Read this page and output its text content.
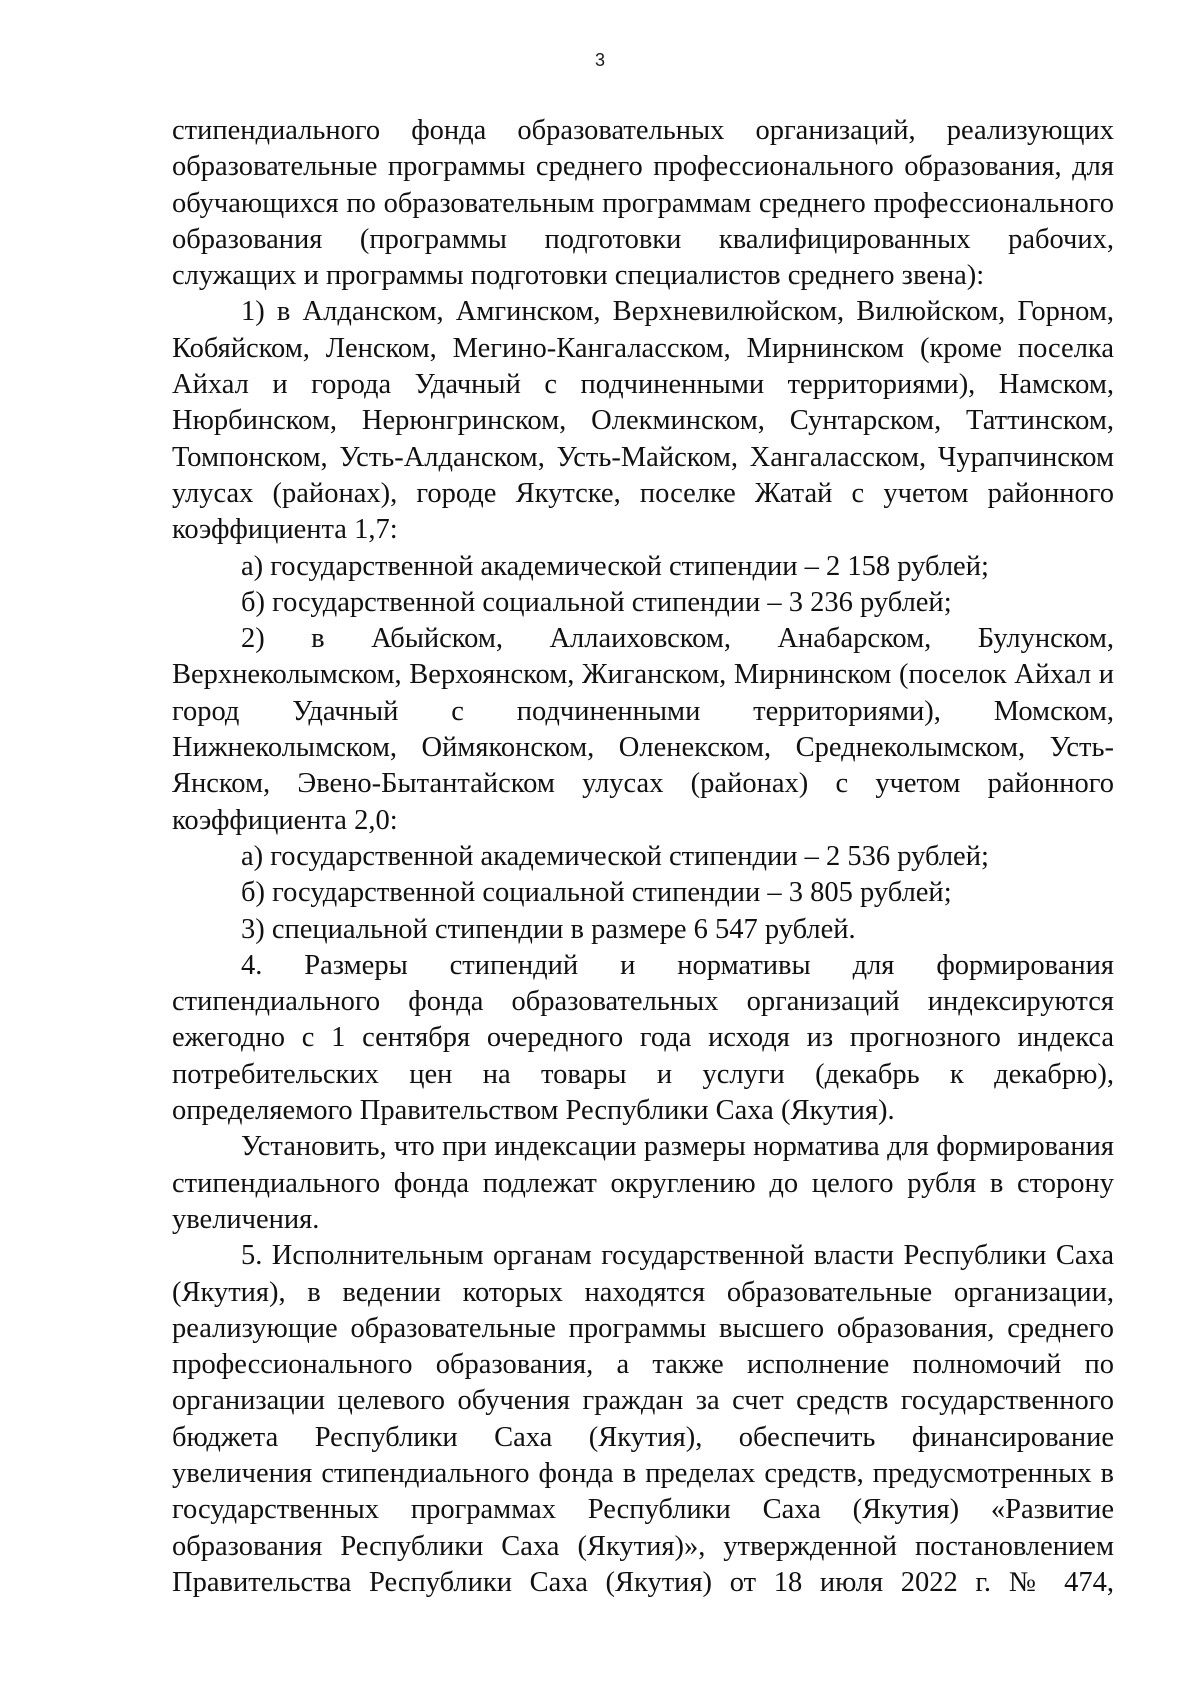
3

стипендиального фонда образовательных организаций, реализующих образовательные программы среднего профессионального образования, для обучающихся по образовательным программам среднего профессионального образования (программы подготовки квалифицированных рабочих, служащих и программы подготовки специалистов среднего звена):

1) в Алданском, Амгинском, Верхневилюйском, Вилюйском, Горном, Кобяйском, Ленском, Мегино-Кангаласском, Мирнинском (кроме поселка Айхал и города Удачный с подчиненными территориями), Намском, Нюрбинском, Нерюнгринском, Олекминском, Сунтарском, Таттинском, Томпонском, Усть-Алданском, Усть-Майском, Хангаласском, Чурапчинском улусах (районах), городе Якутске, поселке Жатай с учетом районного коэффициента 1,7:

а) государственной академической стипендии – 2 158 рублей;

б) государственной социальной стипендии – 3 236 рублей;

2) в Абыйском, Аллаиховском, Анабарском, Булунском, Верхнеколымском, Верхоянском, Жиганском, Мирнинском (поселок Айхал и город Удачный с подчиненными территориями), Момском, Нижнеколымском, Оймяконском, Оленекском, Среднеколымском, Усть-Янском, Эвено-Бытантайском улусах (районах) с учетом районного коэффициента 2,0:

а) государственной академической стипендии – 2 536 рублей;

б) государственной социальной стипендии – 3 805 рублей;

3) специальной стипендии в размере 6 547 рублей.

4. Размеры стипендий и нормативы для формирования стипендиального фонда образовательных организаций индексируются ежегодно с 1 сентября очередного года исходя из прогнозного индекса потребительских цен на товары и услуги (декабрь к декабрю), определяемого Правительством Республики Саха (Якутия).

Установить, что при индексации размеры норматива для формирования стипендиального фонда подлежат округлению до целого рубля в сторону увеличения.

5. Исполнительным органам государственной власти Республики Саха (Якутия), в ведении которых находятся образовательные организации, реализующие образовательные программы высшего образования, среднего профессионального образования, а также исполнение полномочий по организации целевого обучения граждан за счет средств государственного бюджета Республики Саха (Якутия), обеспечить финансирование увеличения стипендиального фонда в пределах средств, предусмотренных в государственных программах Республики Саха (Якутия) «Развитие образования Республики Саха (Якутия)», утвержденной постановлением Правительства Республики Саха (Якутия) от 18 июля 2022 г. № 474,
